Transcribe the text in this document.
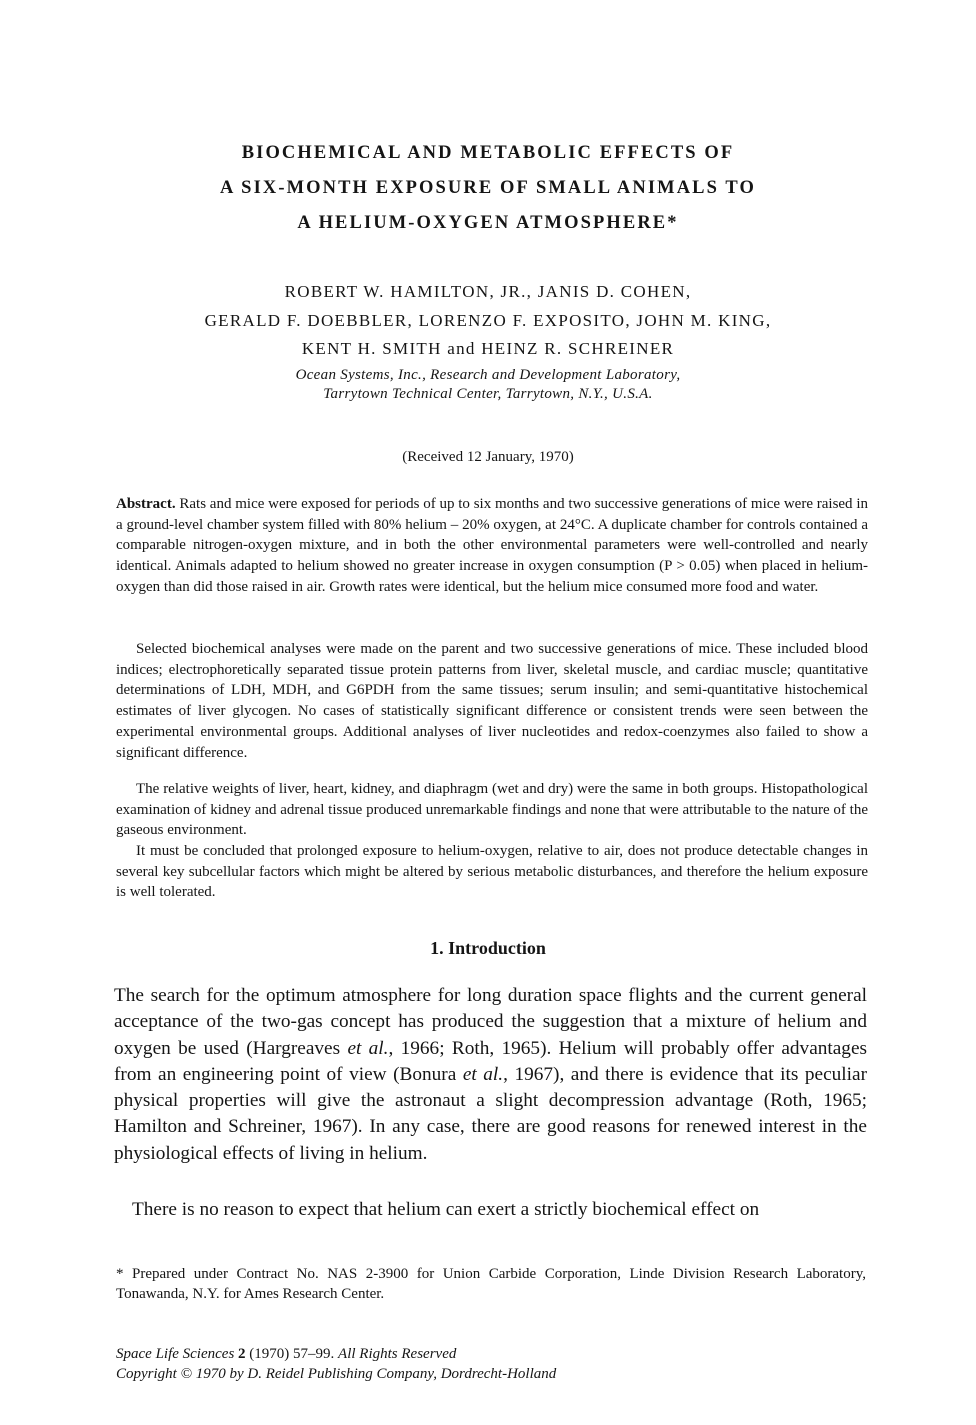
BIOCHEMICAL AND METABOLIC EFFECTS OF
A SIX-MONTH EXPOSURE OF SMALL ANIMALS TO
A HELIUM-OXYGEN ATMOSPHERE*
ROBERT W. HAMILTON, JR., JANIS D. COHEN,
GERALD F. DOEBBLER, LORENZO F. EXPOSITO, JOHN M. KING,
KENT H. SMITH and HEINZ R. SCHREINER
Ocean Systems, Inc., Research and Development Laboratory,
Tarrytown Technical Center, Tarrytown, N.Y., U.S.A.
(Received 12 January, 1970)

Abstract. Rats and mice were exposed for periods of up to six months and two successive generations of mice were raised in a ground-level chamber system filled with 80% helium – 20% oxygen, at 24°C. A duplicate chamber for controls contained a comparable nitrogen-oxygen mixture, and in both the other environmental parameters were well-controlled and nearly identical. Animals adapted to helium showed no greater increase in oxygen consumption (P > 0.05) when placed in helium-oxygen than did those raised in air. Growth rates were identical, but the helium mice consumed more food and water.

Selected biochemical analyses were made on the parent and two successive generations of mice. These included blood indices; electrophoretically separated tissue protein patterns from liver, skeletal muscle, and cardiac muscle; quantitative determinations of LDH, MDH, and G6PDH from the same tissues; serum insulin; and semi-quantitative histochemical estimates of liver glycogen. No cases of statistically significant difference or consistent trends were seen between the experimental environmental groups. Additional analyses of liver nucleotides and redox-coenzymes also failed to show a significant difference.

The relative weights of liver, heart, kidney, and diaphragm (wet and dry) were the same in both groups. Histopathological examination of kidney and adrenal tissue produced unremarkable findings and none that were attributable to the nature of the gaseous environment.

It must be concluded that prolonged exposure to helium-oxygen, relative to air, does not produce detectable changes in several key subcellular factors which might be altered by serious metabolic disturbances, and therefore the helium exposure is well tolerated.

1. Introduction

The search for the optimum atmosphere for long duration space flights and the current general acceptance of the two-gas concept has produced the suggestion that a mixture of helium and oxygen be used (Hargreaves et al., 1966; Roth, 1965). Helium will probably offer advantages from an engineering point of view (Bonura et al., 1967), and there is evidence that its peculiar physical properties will give the astronaut a slight decompression advantage (Roth, 1965; Hamilton and Schreiner, 1967). In any case, there are good reasons for renewed interest in the physiological effects of living in helium.

There is no reason to expect that helium can exert a strictly biochemical effect on

* Prepared under Contract No. NAS 2-3900 for Union Carbide Corporation, Linde Division Research Laboratory, Tonawanda, N.Y. for Ames Research Center.

Space Life Sciences 2 (1970) 57–99. All Rights Reserved

Copyright © 1970 by D. Reidel Publishing Company, Dordrecht-Holland
